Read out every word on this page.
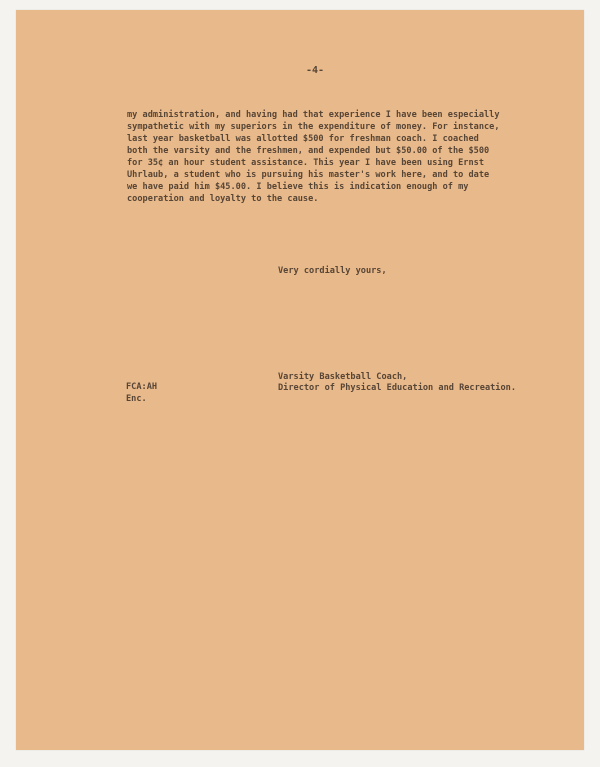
-4-
my administration, and having had that experience I have been especially
sympathetic with my superiors in the expenditure of money. For instance,
last year basketball was allotted $500 for freshman coach. I coached
both the varsity and the freshmen, and expended but $50.00 of the $500
for 35¢ an hour student assistance. This year I have been using Ernst
Uhrlaub, a student who is pursuing his master's work here, and to date
we have paid him $45.00. I believe this is indication enough of my
cooperation and loyalty to the cause.
Very cordially yours,
Varsity Basketball Coach,
Director of Physical Education and Recreation.
FCA:AH
Enc.
